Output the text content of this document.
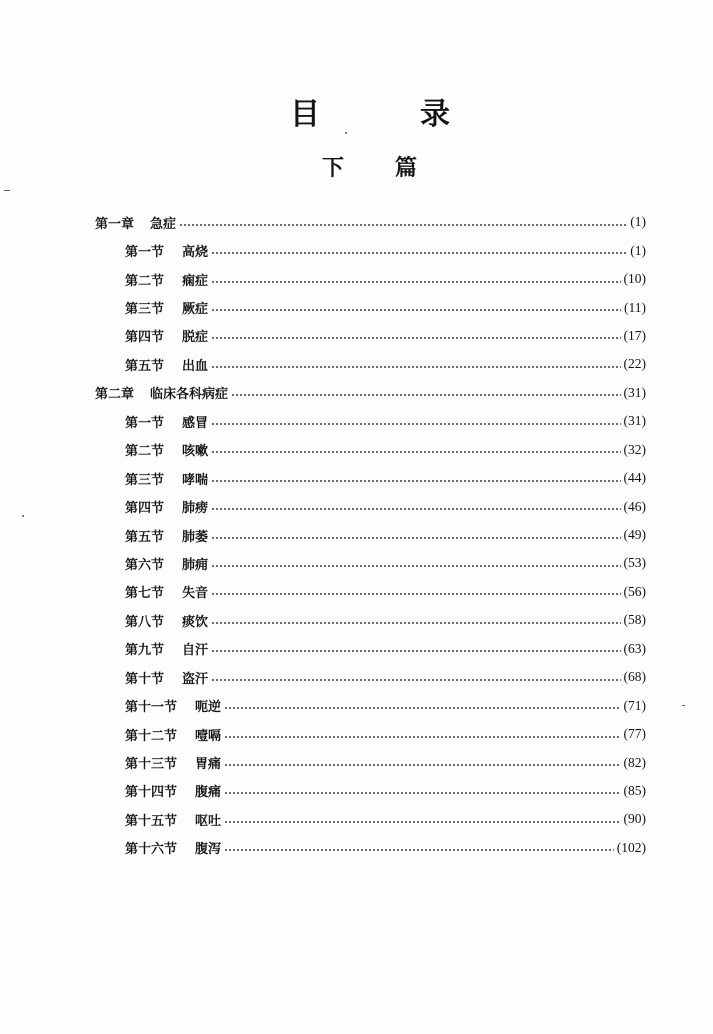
目	录
下 篇
第一章 急症	(1)
第一节 高烧	(1)
第二节 痫症	(10)
第三节 厥症	(11)
第四节 脱症	(17)
第五节 出血	(22)
第二章 临床各科病症	(31)
第一节 感冒	(31)
第二节 咳嗽	(32)
第三节 哮喘	(44)
第四节 肺痨	(46)
第五节 肺萎	(49)
第六节 肺痈	(53)
第七节 失音	(56)
第八节 痰饮	(58)
第九节 自汗	(63)
第十节 盗汗	(68)
第十一节 呃逆	(71)
第十二节 噎嗝	(77)
第十三节 胃痛	(82)
第十四节 腹痛	(85)
第十五节 呕吐	(90)
第十六节 腹泻	(102)
